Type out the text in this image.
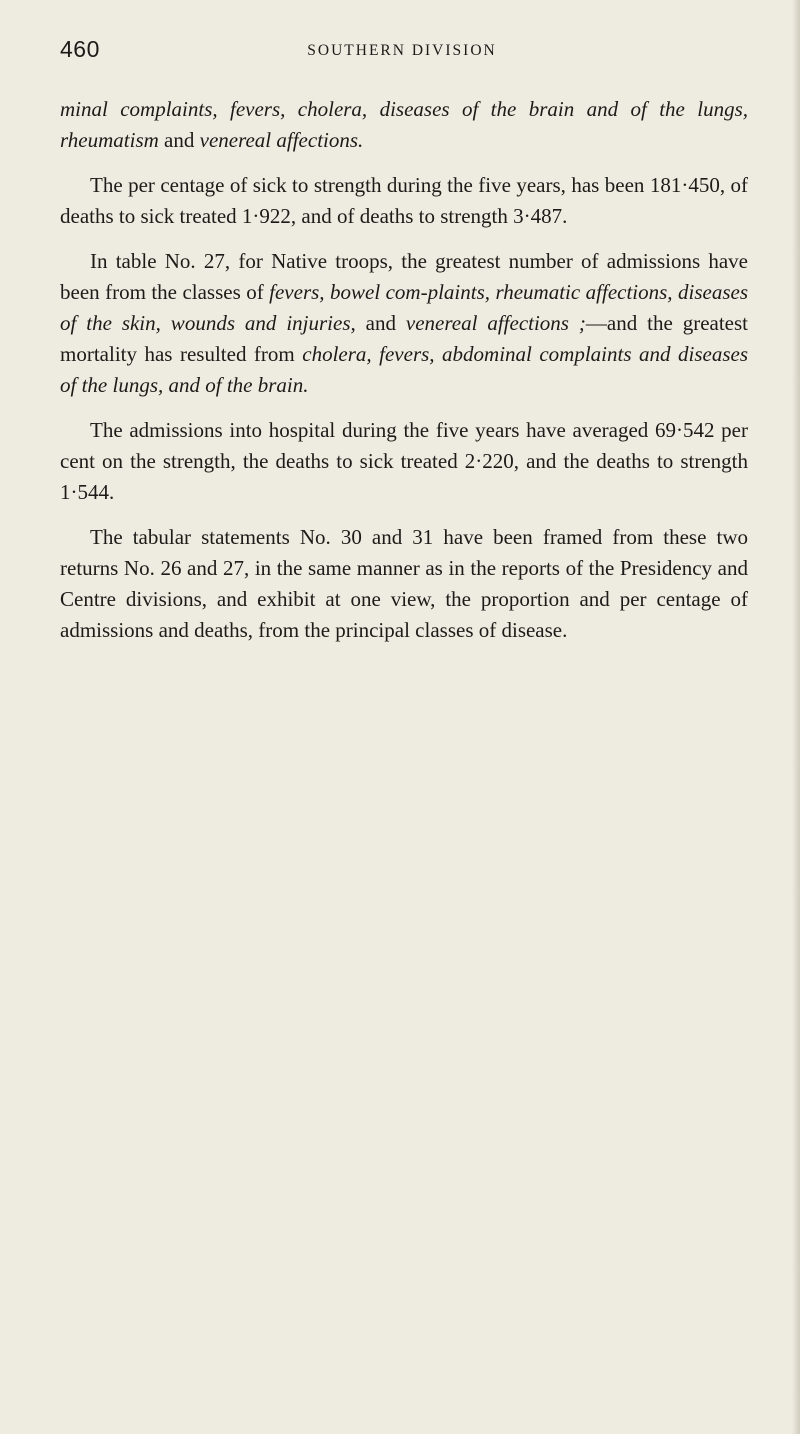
460	SOUTHERN DIVISION

minal complaints, fevers, cholera, diseases of the brain and of the lungs, rheumatism and venereal affections.

The per centage of sick to strength during the five years, has been 181·450, of deaths to sick treated 1·922, and of deaths to strength 3·487.

In table No. 27, for Native troops, the greatest number of admissions have been from the classes of fevers, bowel com-plaints, rheumatic affections, diseases of the skin, wounds and injuries, and venereal affections ;—and the greatest mortality has resulted from cholera, fevers, abdominal complaints and diseases of the lungs, and of the brain.

The admissions into hospital during the five years have averaged 69·542 per cent on the strength, the deaths to sick treated 2·220, and the deaths to strength 1·544.

The tabular statements No. 30 and 31 have been framed from these two returns No. 26 and 27, in the same manner as in the reports of the Presidency and Centre divisions, and exhibit at one view, the proportion and per centage of admissions and deaths, from the principal classes of disease.
